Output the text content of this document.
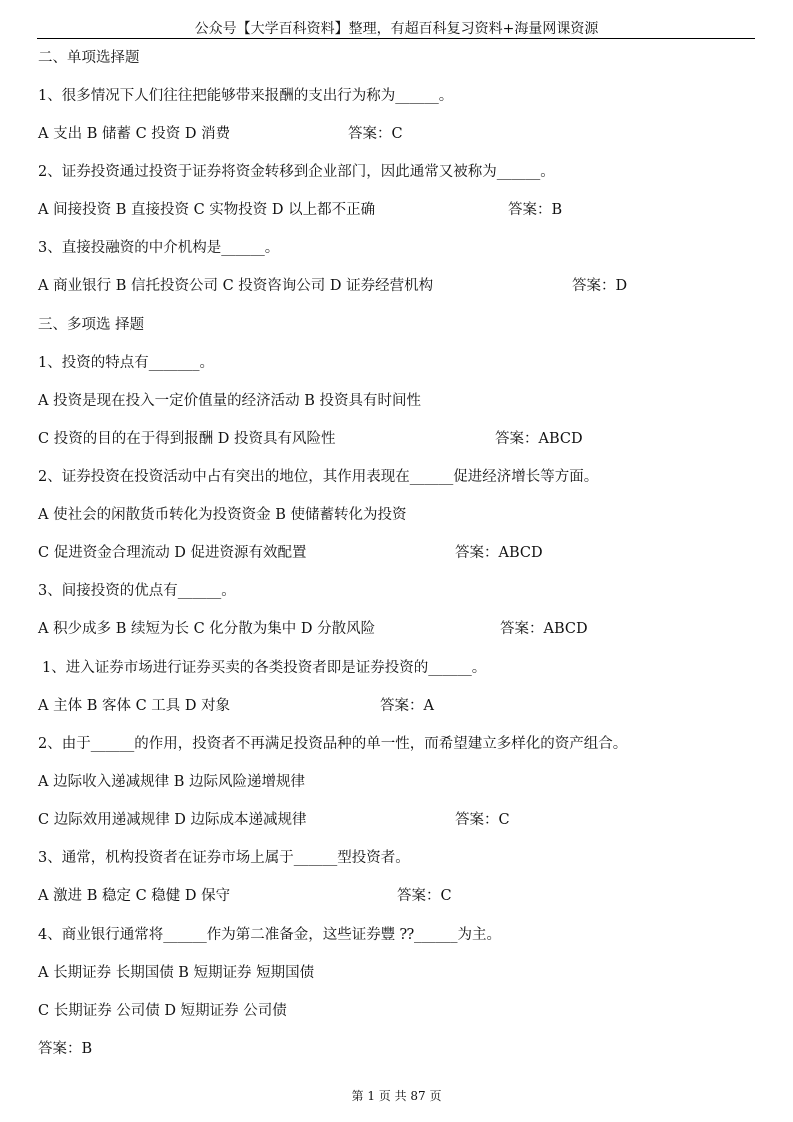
公众号【大学百科资料】整理，有超百科复习资料+海量网课资源
二、单项选择题
1、很多情况下人们往往把能够带来报酬的支出行为称为______。
A 支出 B 储蓄 C 投资 D 消费	答案：C
2、证券投资通过投资于证券将资金转移到企业部门，因此通常又被称为______。
A 间接投资 B 直接投资 C 实物投资 D 以上都不正确	答案：B
3、直接投融资的中介机构是______。
A 商业银行 B 信托投资公司 C 投资咨询公司 D 证券经营机构	答案：D
三、多项选 择题
1、投资的特点有_______。
A 投资是现在投入一定价值量的经济活动 B 投资具有时间性
C 投资的目的在于得到报酬 D 投资具有风险性	答案：ABCD
2、证券投资在投资活动中占有突出的地位，其作用表现在______促进经济增长等方面。
A 使社会的闲散货币转化为投资资金 B 使储蓄转化为投资
C 促进资金合理流动 D 促进资源有效配置	答案：ABCD
3、间接投资的优点有______。
A 积少成多 B 续短为长 C 化分散为集中 D 分散风险	答案：ABCD
1、进入证券市场进行证券买卖的各类投资者即是证券投资的______。
A 主体 B 客体 C 工具 D 对象	答案：A
2、由于______的作用，投资者不再满足投资品种的单一性，而希望建立多样化的资产组合。
A 边际收入递减规律 B 边际风险递增规律
C 边际效用递减规律 D 边际成本递减规律	答案：C
3、通常，机构投资者在证券市场上属于______型投资者。
A 激进 B 稳定 C 稳健 D 保守	答案：C
4、商业银行通常将______作为第二准备金，这些证券豐 ⁇______为主。
A 长期证券 长期国债 B 短期证券 短期国债
C 长期证券 公司债 D 短期证券 公司债
答案：B
第 1 页 共 87 页
